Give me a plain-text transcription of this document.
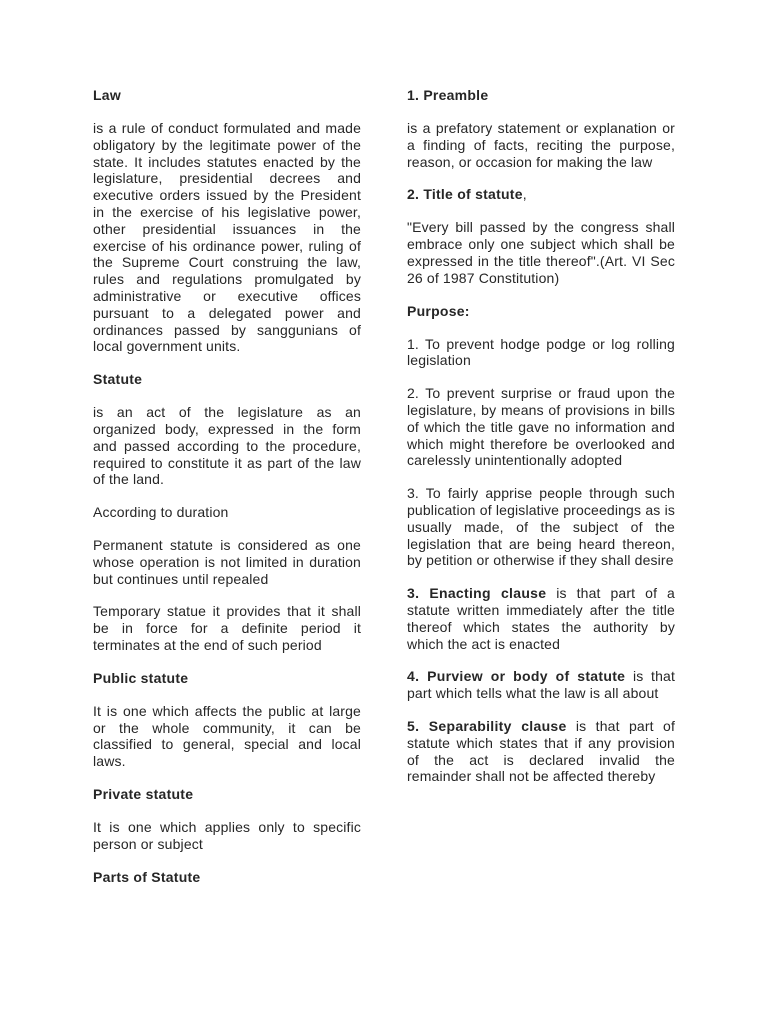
Law

is a rule of conduct formulated and made obligatory by the legitimate power of the state. It includes statutes enacted by the legislature, presidential decrees and executive orders issued by the President in the exercise of his legislative power, other presidential issuances in the exercise of his ordinance power, ruling of the Supreme Court construing the law, rules and regulations promulgated by administrative or executive offices pursuant to a delegated power and ordinances passed by sanggunians of local government units.

Statute

is an act of the legislature as an organized body, expressed in the form and passed according to the procedure, required to constitute it as part of the law of the land.

According to duration

Permanent statute is considered as one whose operation is not limited in duration but continues until repealed

Temporary statue it provides that it shall be in force for a definite period it terminates at the end of such period

Public statute

It is one which affects the public at large or the whole community, it can be classified to general, special and local laws.

Private statute

It is one which applies only to specific person or subject

Parts of Statute
1. Preamble

is a prefatory statement or explanation or a finding of facts, reciting the purpose, reason, or occasion for making the law

2. Title of statute,

"Every bill passed by the congress shall embrace only one subject which shall be expressed in the title thereof".(Art. VI Sec 26 of 1987 Constitution)

Purpose:

1. To prevent hodge podge or log rolling legislation

2. To prevent surprise or fraud upon the legislature, by means of provisions in bills of which the title gave no information and which might therefore be overlooked and carelessly unintentionally adopted

3. To fairly apprise people through such publication of legislative proceedings as is usually made, of the subject of the legislation that are being heard thereon, by petition or otherwise if they shall desire

3. Enacting clause is that part of a statute written immediately after the title thereof which states the authority by which the act is enacted

4. Purview or body of statute is that part which tells what the law is all about

5. Separability clause is that part of statute which states that if any provision of the act is declared invalid the remainder shall not be affected thereby
